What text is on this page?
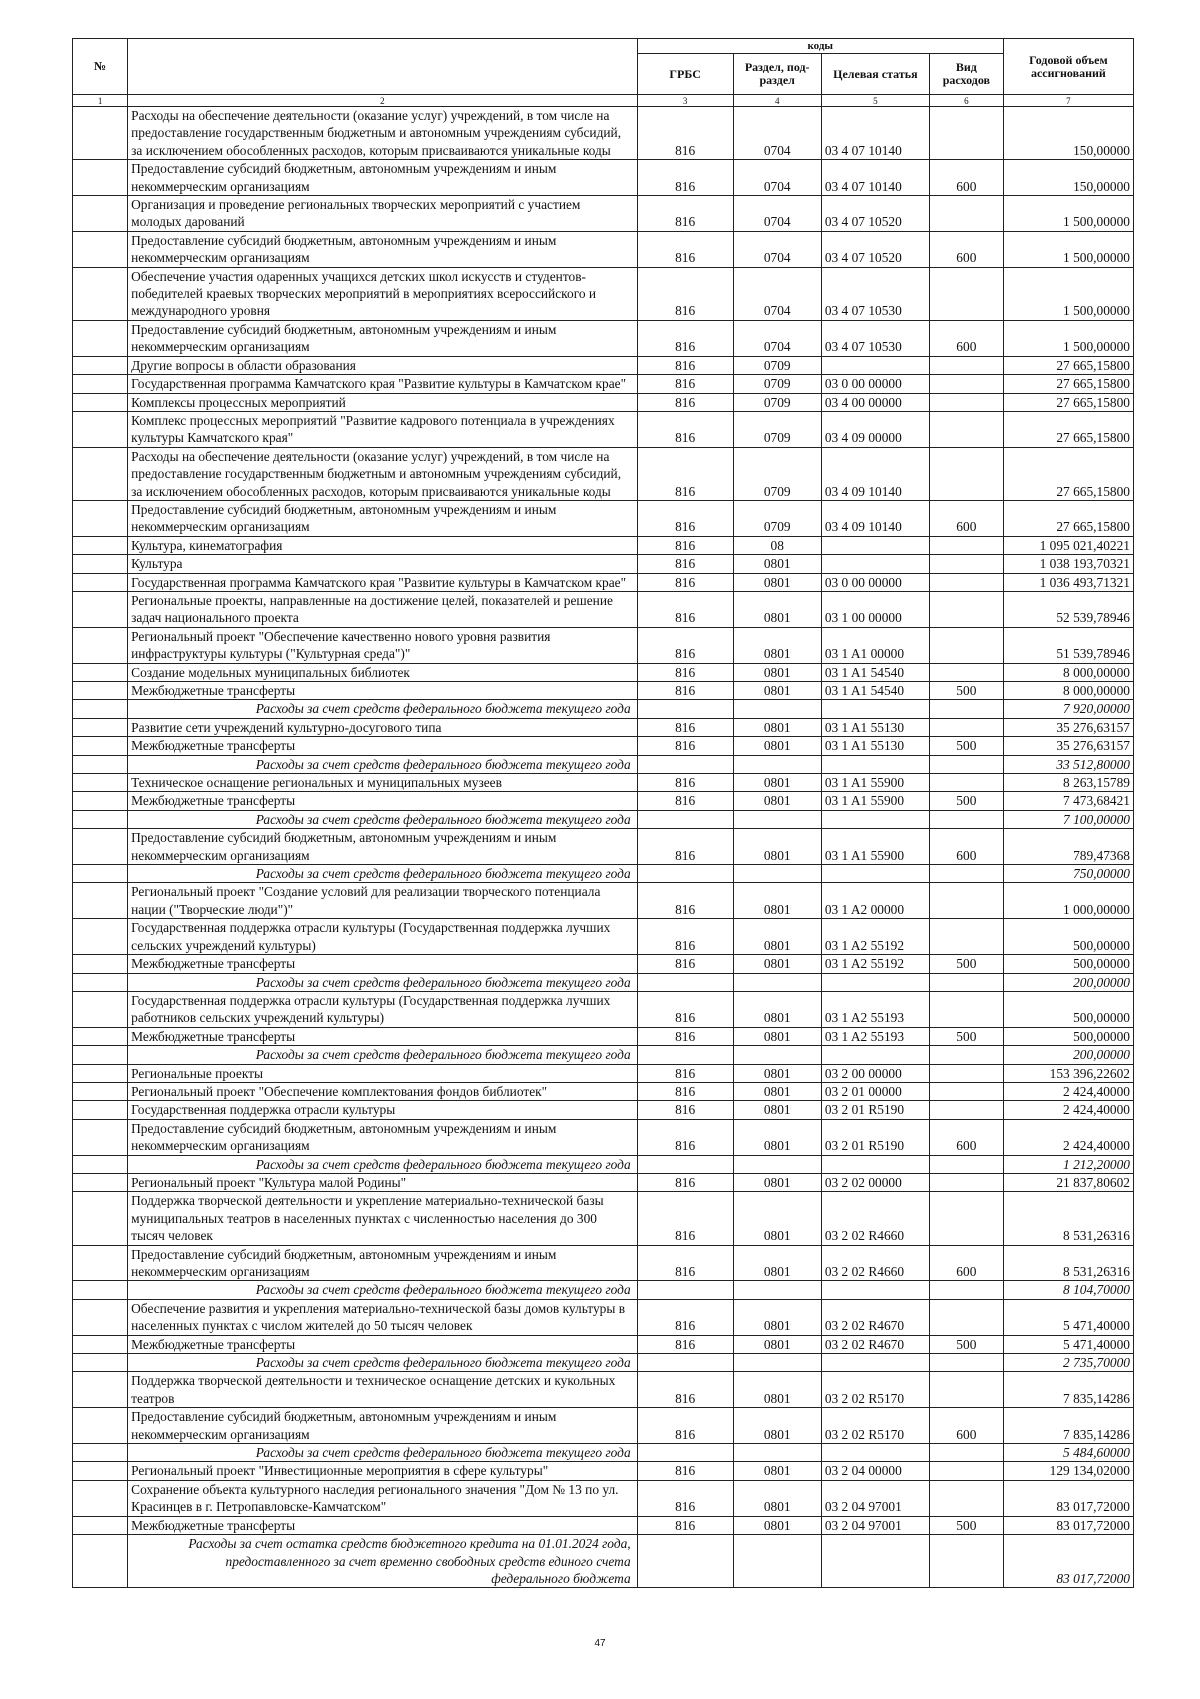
№		коды				Годовой объем ассигнований
		ГРБС	Раздел, под-раздел	Целевая статья	Вид расходов	
1	2	3	4	5	6	7
	Расходы на обеспечение деятельности (оказание услуг) учреждений, в том числе на предоставление государственным бюджетным и автономным учреждениям субсидий, за исключением обособленных расходов, которым присваиваются уникальные коды	816	0704	03 4 07 10140		150,00000
	Предоставление субсидий бюджетным, автономным учреждениям и иным некоммерческим организациям	816	0704	03 4 07 10140	600	150,00000
	Организация и проведение региональных творческих мероприятий с участием молодых дарований	816	0704	03 4 07 10520		1 500,00000
	Предоставление субсидий бюджетным, автономным учреждениям и иным некоммерческим организациям	816	0704	03 4 07 10520	600	1 500,00000
	Обеспечение участия одаренных учащихся детских школ искусств и студентов-победителей краевых творческих мероприятий в мероприятиях всероссийского и международного уровня	816	0704	03 4 07 10530		1 500,00000
	Предоставление субсидий бюджетным, автономным учреждениям и иным некоммерческим организациям	816	0704	03 4 07 10530	600	1 500,00000
	Другие вопросы в области образования	816	0709			27 665,15800
	Государственная программа Камчатского края "Развитие культуры в Камчатском крае"	816	0709	03 0 00 00000		27 665,15800
	Комплексы процессных мероприятий	816	0709	03 4 00 00000		27 665,15800
	Комплекс процессных мероприятий "Развитие кадрового потенциала в учреждениях культуры Камчатского края"	816	0709	03 4 09 00000		27 665,15800
	Расходы на обеспечение деятельности (оказание услуг) учреждений, в том числе на предоставление государственным бюджетным и автономным учреждениям субсидий, за исключением обособленных расходов, которым присваиваются уникальные коды	816	0709	03 4 09 10140		27 665,15800
	Предоставление субсидий бюджетным, автономным учреждениям и иным некоммерческим организациям	816	0709	03 4 09 10140	600	27 665,15800
	Культура, кинематография	816	08			1 095 021,40221
	Культура	816	0801			1 038 193,70321
	Государственная программа Камчатского края "Развитие культуры в Камчатском крае"	816	0801	03 0 00 00000		1 036 493,71321
	Региональные проекты, направленные на достижение целей, показателей и решение задач национального проекта	816	0801	03 1 00 00000		52 539,78946
	Региональный проект "Обеспечение качественно нового уровня развития инфраструктуры культуры ("Культурная среда")"	816	0801	03 1 A1 00000		51 539,78946
	Создание модельных муниципальных библиотек	816	0801	03 1 A1 54540		8 000,00000
	Межбюджетные трансферты	816	0801	03 1 A1 54540	500	8 000,00000
	Расходы за счет средств федерального бюджета текущего года					7 920,00000
	Развитие сети учреждений культурно-досугового типа	816	0801	03 1 A1 55130		35 276,63157
	Межбюджетные трансферты	816	0801	03 1 A1 55130	500	35 276,63157
	Расходы за счет средств федерального бюджета текущего года					33 512,80000
	Техническое оснащение региональных и муниципальных музеев	816	0801	03 1 A1 55900		8 263,15789
	Межбюджетные трансферты	816	0801	03 1 A1 55900	500	7 473,68421
	Расходы за счет средств федерального бюджета текущего года					7 100,00000
	Предоставление субсидий бюджетным, автономным учреждениям и иным некоммерческим организациям	816	0801	03 1 A1 55900	600	789,47368
	Расходы за счет средств федерального бюджета текущего года					750,00000
	Региональный проект "Создание условий для реализации творческого потенциала нации ("Творческие люди")"	816	0801	03 1 A2 00000		1 000,00000
	Государственная поддержка отрасли культуры (Государственная поддержка лучших сельских учреждений культуры)	816	0801	03 1 A2 55192		500,00000
	Межбюджетные трансферты	816	0801	03 1 A2 55192	500	500,00000
	Расходы за счет средств федерального бюджета текущего года					200,00000
	Государственная поддержка отрасли культуры (Государственная поддержка лучших работников сельских учреждений культуры)	816	0801	03 1 A2 55193		500,00000
	Межбюджетные трансферты	816	0801	03 1 A2 55193	500	500,00000
	Расходы за счет средств федерального бюджета текущего года					200,00000
	Региональные проекты	816	0801	03 2 00 00000		153 396,22602
	Региональный проект "Обеспечение комплектования фондов библиотек"	816	0801	03 2 01 00000		2 424,40000
	Государственная поддержка отрасли культуры	816	0801	03 2 01 R5190		2 424,40000
	Предоставление субсидий бюджетным, автономным учреждениям и иным некоммерческим организациям	816	0801	03 2 01 R5190	600	2 424,40000
	Расходы за счет средств федерального бюджета текущего года					1 212,20000
	Региональный проект "Культура малой Родины"	816	0801	03 2 02 00000		21 837,80602
	Поддержка творческой деятельности и укрепление материально-технической базы муниципальных театров в населенных пунктах с численностью населения до 300 тысяч человек	816	0801	03 2 02 R4660		8 531,26316
	Предоставление субсидий бюджетным, автономным учреждениям и иным некоммерческим организациям	816	0801	03 2 02 R4660	600	8 531,26316
	Расходы за счет средств федерального бюджета текущего года					8 104,70000
	Обеспечение развития и укрепления материально-технической базы домов культуры в населенных пунктах с числом жителей до 50 тысяч человек	816	0801	03 2 02 R4670		5 471,40000
	Межбюджетные трансферты	816	0801	03 2 02 R4670	500	5 471,40000
	Расходы за счет средств федерального бюджета текущего года					2 735,70000
	Поддержка творческой деятельности и техническое оснащение детских и кукольных театров	816	0801	03 2 02 R5170		7 835,14286
	Предоставление субсидий бюджетным, автономным учреждениям и иным некоммерческим организациям	816	0801	03 2 02 R5170	600	7 835,14286
	Расходы за счет средств федерального бюджета текущего года					5 484,60000
	Региональный проект "Инвестиционные мероприятия в сфере культуры"	816	0801	03 2 04 00000		129 134,02000
	Сохранение объекта культурного наследия регионального значения "Дом № 13 по ул. Красинцев в г. Петропавловске-Камчатском"	816	0801	03 2 04 97001		83 017,72000
	Межбюджетные трансферты	816	0801	03 2 04 97001	500	83 017,72000
	Расходы за счет остатка средств бюджетного кредита на 01.01.2024 года, предоставленного за счет временно свободных средств единого счета федерального бюджета					83 017,72000
47
